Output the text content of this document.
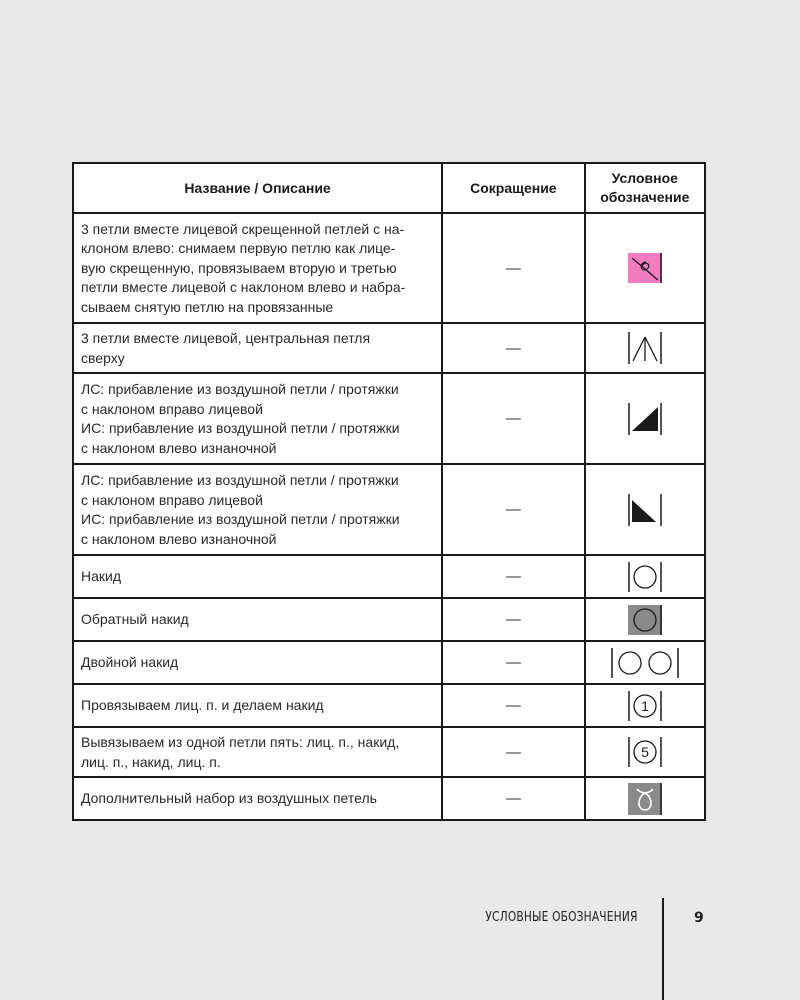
Название / Описание	Сокращение	Условное
обозначение
3 петли вместе лицевой скрещенной петлей с на-
клоном влево: снимаем первую петлю как лице-
вую скрещенную, провязываем вторую и третью
петли вместе лицевой с наклоном влево и набра-
сываем снятую петлю на провязанные	—	

3 петли вместе лицевой, центральная петля
сверху	—	

ЛС: прибавление из воздушной петли / протяжки
с наклоном вправо лицевой
ИС: прибавление из воздушной петли / протяжки
с наклоном влево изнаночной	—	

ЛС: прибавление из воздушной петли / протяжки
с наклоном вправо лицевой
ИС: прибавление из воздушной петли / протяжки
с наклоном влево изнаночной	—	

Накид	—	

Обратный накид	—	

Двойной накид	—	

Провязываем лиц. п. и делаем накид	—	1

Вывязываем из одной петли пять: лиц. п., накид,
лиц. п., накид, лиц. п.	—	5

Дополнительный набор из воздушных петель	—	
УСЛОВНЫЕ ОБОЗНАЧЕНИЯ	9
